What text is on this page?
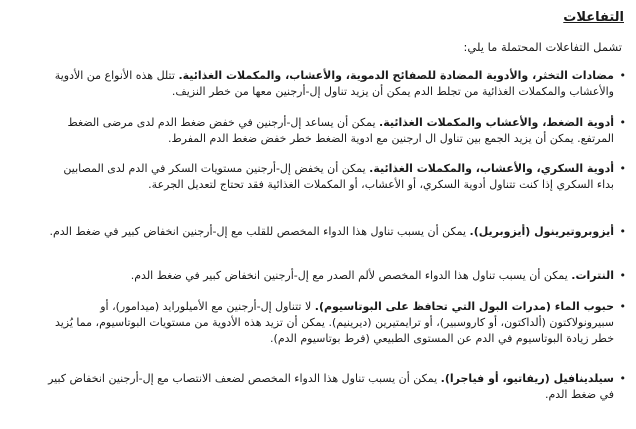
التفاعلات

تشمل التفاعلات المحتملة ما يلي:

•
مضادات التخثر، والأدوية المضادة للصفائح الدموية، والأعشاب، والمكملات الغذائية. تتلل هذه الأنواع من الأدوية والأعشاب والمكملات الغذائية من تجلط الدم يمكن أن يزيد تناول إل-أرجنين معها من خطر النزيف.
•
أدوية الضغط، والأعشاب والمكملات الغذائية. يمكن أن يساعد إل-أرجنين في خفض ضغط الدم لدى مرضى الضغط المرتفع. يمكن أن يزيد الجمع بين تناول ال ارجنين مع ادوية الضغط خطر خفض ضغط الدم المفرط.
•
أدوية السكري، والأعشاب، والمكملات الغذائية. يمكن أن يخفض إل-أرجنين مستويات السكر في الدم لدى المصابين بداء السكري إذا كنت تتناول أدوية السكري، أو الأعشاب، أو المكملات الغذائية فقد تحتاج لتعديل الجرعة.
•
أيزوبروتيرينول (أيزوبريل). يمكن أن يسبب تناول هذا الدواء المخصص للقلب مع إل-أرجنين انخفاض كبير في ضغط الدم.
•
النترات. يمكن أن يسبب تناول هذا الدواء المخصص لألم الصدر مع إل-أرجنين انخفاض كبير في ضغط الدم.
•
حبوب الماء (مدرات البول التي تحافظ على البوتاسيوم). لا تتناول إل-أرجنين مع الأميلورايد (ميدامور)، أو سبيرونولاكتون (ألداكتون، أو كاروسبير)، أو ترايمتيرين (ديرينيم). يمكن أن تزيد هذه الأدوية من مستويات البوتاسيوم، مما يُزيد خطر زيادة البوتاسيوم في الدم عن المستوى الطبيعي (فرط بوتاسيوم الدم).
•
سيلدينافيل (ريفاتيو، أو فياجرا). يمكن أن يسبب تناول هذا الدواء المخصص لضعف الانتصاب مع إل-أرجنين انخفاض كبير في ضغط الدم.
